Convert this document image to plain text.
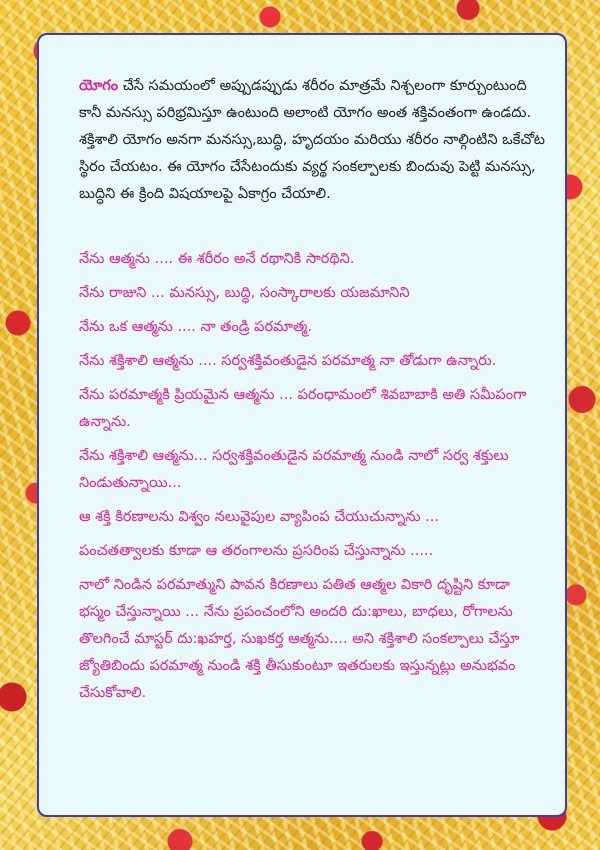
యోగం చేసే సమయంలో అప్పుడప్పుడు శరీరం మాత్రమే నిశ్చలంగా కూర్చుంటుంది కానీ మనస్సు పరిభ్రమిస్తూ ఉంటుంది అలాంటి యోగం అంత శక్తివంతంగా ఉండదు. శక్తిశాలి యోగం అనగా మనస్సు,బుద్ధి, హృదయం మరియు శరీరం నాల్గింటిని ఒకేచోట స్థిరం చేయటం. ఈ యోగం చేసేటందుకు వ్యర్థ సంకల్పాలకు బిందువు పెట్టి మనస్సు, బుద్ధిని ఈ క్రింది విషయాలపై ఏకాగ్రం చేయాలి.

నేను ఆత్మను .... ఈ శరీరం అనే రథానికి సారథిని.
నేను రాజుని ... మనస్సు, బుద్ధి, సంస్కారాలకు యజమానిని
నేను ఒక ఆత్మను .... నా తండ్రి పరమాత్మ.
నేను శక్తిశాలి ఆత్మను .... సర్వశక్తివంతుడైన పరమాత్మ నా తోడుగా ఉన్నారు.
నేను పరమాత్మకి ప్రియమైన ఆత్మను ... పరంధామంలో శివబాబాకి అతి సమీపంగా ఉన్నాను.
నేను శక్తిశాలి ఆత్మను... సర్వశక్తివంతుడైన పరమాత్మ నుండి నాలో సర్వ శక్తులు నిండుతున్నాయి...
ఆ శక్తి కిరణాలను విశ్వం నలువైపుల వ్యాపింప చేయుచున్నాను ...
పంచతత్వాలకు కూడా ఆ తరంగాలను ప్రసరింప చేస్తున్నాను .....
నాలో నిండిన పరమాత్ముని పావన కిరణాలు పతిత ఆత్మల వికారి దృష్టిని కూడా భస్మం చేస్తున్నాయి ... నేను ప్రపంచంలోని అందరి దు:ఖాలు, బాధలు, రోగాలను తొలగించే మాస్టర్ దు:ఖహర్త, సుఖకర్త ఆత్మను.... అని శక్తిశాలి సంకల్పాలు చేస్తూ జ్యోతిబిందు పరమాత్మ నుండి శక్తి తీసుకుంటూ ఇతరులకు ఇస్తున్నట్లు అనుభవం చేసుకోవాలి.
